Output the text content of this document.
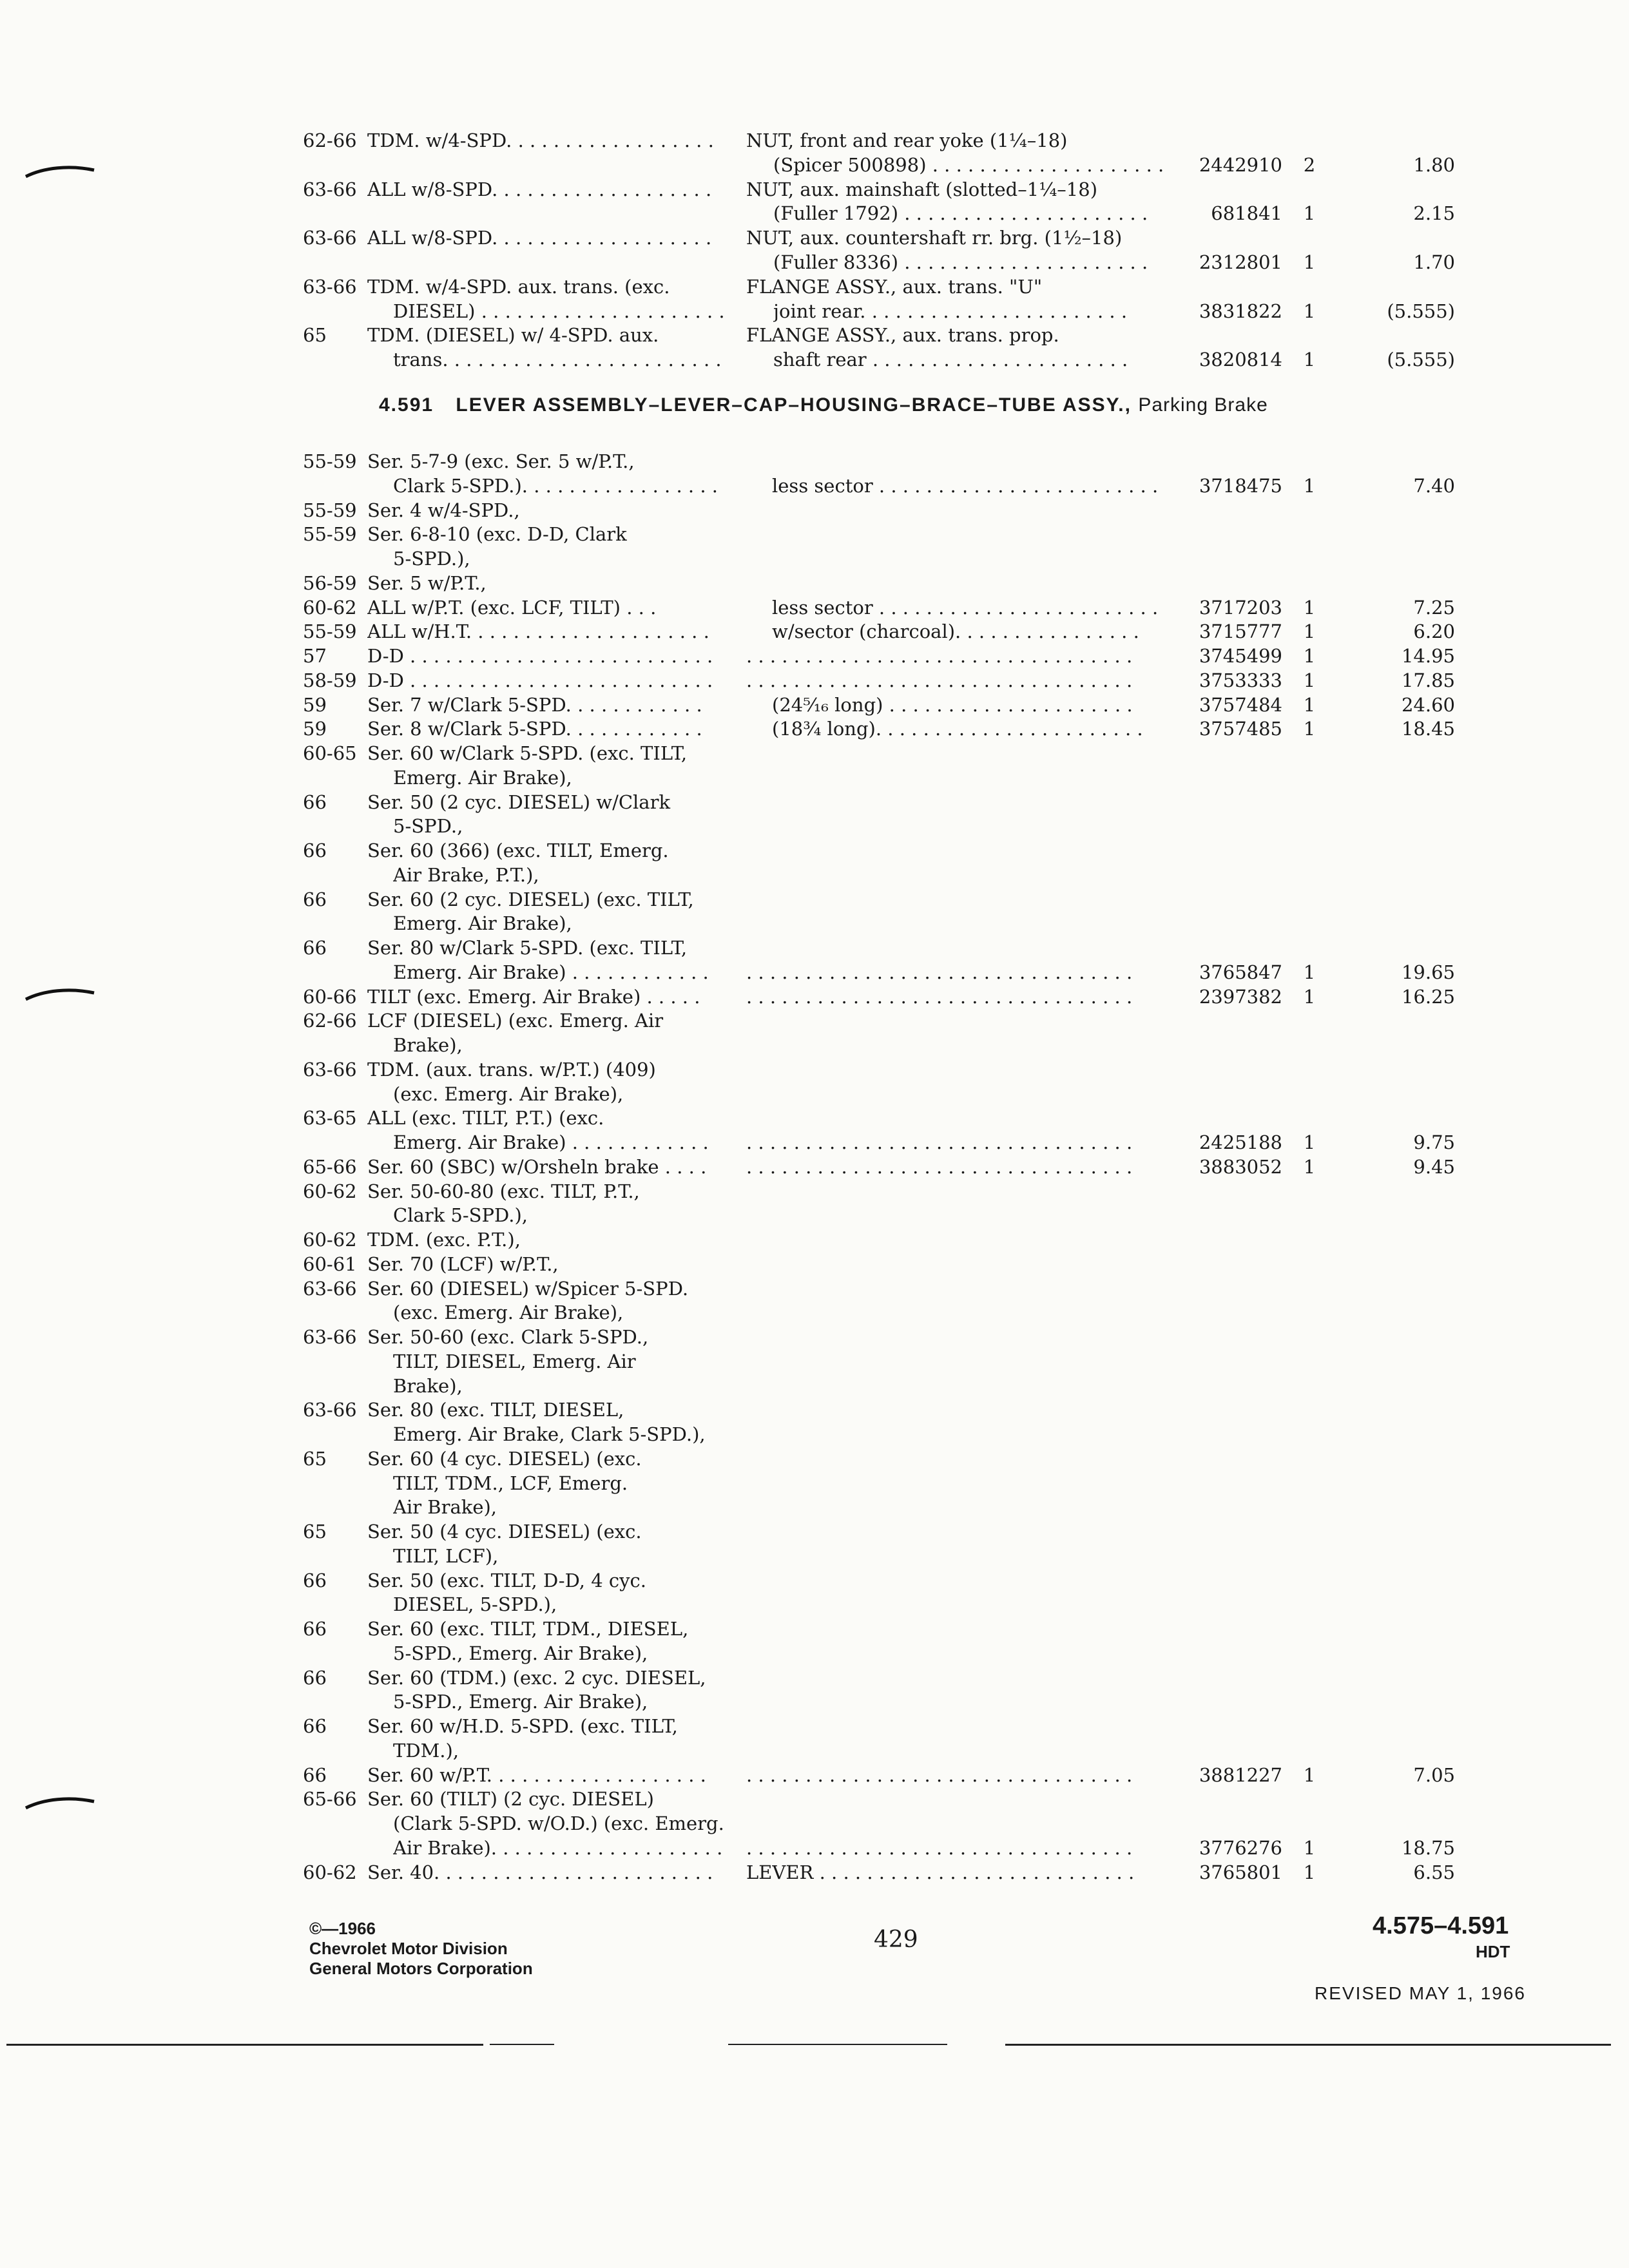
62-66 TDM. w/4-SPD. . . . . . . . . . . . . . . . . .	NUT, front and rear yoke (1¼–18)
(Spicer 500898) . . . . . . . . . . . . . . . . . . . .	2442910	2	1.80
63-66 ALL w/8-SPD. . . . . . . . . . . . . . . . . . .	NUT, aux. mainshaft (slotted–1¼–18)
(Fuller 1792) . . . . . . . . . . . . . . . . . . . . .	681841	1	2.15
63-66 ALL w/8-SPD. . . . . . . . . . . . . . . . . . .	NUT, aux. countershaft rr. brg. (1½–18)
(Fuller 8336) . . . . . . . . . . . . . . . . . . . . .	2312801	1	1.70
63-66 TDM. w/4-SPD. aux. trans. (exc.	FLANGE ASSY., aux. trans. "U"
DIESEL) . . . . . . . . . . . . . . . . . . . . .	joint rear. . . . . . . . . . . . . . . . . . . . . . .	3831822	1	(5.555)
65	TDM. (DIESEL) w/ 4-SPD. aux.	FLANGE ASSY., aux. trans. prop.
trans. . . . . . . . . . . . . . . . . . . . . . . .	shaft rear . . . . . . . . . . . . . . . . . . . . . .	3820814	1	(5.555)
4.591 LEVER ASSEMBLY–LEVER–CAP–HOUSING–BRACE–TUBE ASSY., Parking Brake
55-59 Ser. 5-7-9 (exc. Ser. 5 w/P.T.,
Clark 5-SPD.). . . . . . . . . . . . . . . . .	less sector . . . . . . . . . . . . . . . . . . . . . . . .	3718475	1	7.40
55-59 Ser. 4 w/4-SPD.,
55-59 Ser. 6-8-10 (exc. D-D, Clark
5-SPD.),
56-59 Ser. 5 w/P.T.,
60-62 ALL w/P.T. (exc. LCF, TILT) . . .	less sector . . . . . . . . . . . . . . . . . . . . . . . .	3717203	1	7.25
55-59 ALL w/H.T. . . . . . . . . . . . . . . . . . . . .	w/sector (charcoal). . . . . . . . . . . . . . . .	3715777	1	6.20
57	D-D . . . . . . . . . . . . . . . . . . . . . . . . . .	. . . . . . . . . . . . . . . . . . . . . . . . . . . . . . . . .	3745499	1	14.95
58-59 D-D . . . . . . . . . . . . . . . . . . . . . . . . . .	. . . . . . . . . . . . . . . . . . . . . . . . . . . . . . . . .	3753333	1	17.85
59	Ser. 7 w/Clark 5-SPD. . . . . . . . . . . .	(24⁵⁄₁₆ long) . . . . . . . . . . . . . . . . . . . . .	3757484	1	24.60
59	Ser. 8 w/Clark 5-SPD. . . . . . . . . . . .	(18¾ long). . . . . . . . . . . . . . . . . . . . . . .	3757485	1	18.45
60-65 Ser. 60 w/Clark 5-SPD. (exc. TILT,
Emerg. Air Brake),
66	Ser. 50 (2 cyc. DIESEL) w/Clark
5-SPD.,
66	Ser. 60 (366) (exc. TILT, Emerg.
Air Brake, P.T.),
66	Ser. 60 (2 cyc. DIESEL) (exc. TILT,
Emerg. Air Brake),
66	Ser. 80 w/Clark 5-SPD. (exc. TILT,
Emerg. Air Brake) . . . . . . . . . . . .	. . . . . . . . . . . . . . . . . . . . . . . . . . . . . . . . .	3765847	1	19.65
60-66 TILT (exc. Emerg. Air Brake) . . . . .	. . . . . . . . . . . . . . . . . . . . . . . . . . . . . . . . .	2397382	1	16.25
62-66 LCF (DIESEL) (exc. Emerg. Air
Brake),
63-66 TDM. (aux. trans. w/P.T.) (409)
(exc. Emerg. Air Brake),
63-65 ALL (exc. TILT, P.T.) (exc.
Emerg. Air Brake) . . . . . . . . . . . .	. . . . . . . . . . . . . . . . . . . . . . . . . . . . . . . . .	2425188	1	9.75
65-66 Ser. 60 (SBC) w/Orsheln brake . . . .	. . . . . . . . . . . . . . . . . . . . . . . . . . . . . . . . .	3883052	1	9.45
60-62 Ser. 50-60-80 (exc. TILT, P.T.,
Clark 5-SPD.),
60-62 TDM. (exc. P.T.),
60-61 Ser. 70 (LCF) w/P.T.,
63-66 Ser. 60 (DIESEL) w/Spicer 5-SPD.
(exc. Emerg. Air Brake),
63-66 Ser. 50-60 (exc. Clark 5-SPD.,
TILT, DIESEL, Emerg. Air
Brake),
63-66 Ser. 80 (exc. TILT, DIESEL,
Emerg. Air Brake, Clark 5-SPD.),
65	Ser. 60 (4 cyc. DIESEL) (exc.
TILT, TDM., LCF, Emerg.
Air Brake),
65	Ser. 50 (4 cyc. DIESEL) (exc.
TILT, LCF),
66	Ser. 50 (exc. TILT, D-D, 4 cyc.
DIESEL, 5-SPD.),
66	Ser. 60 (exc. TILT, TDM., DIESEL,
5-SPD., Emerg. Air Brake),
66	Ser. 60 (TDM.) (exc. 2 cyc. DIESEL,
5-SPD., Emerg. Air Brake),
66	Ser. 60 w/H.D. 5-SPD. (exc. TILT,
TDM.),
66	Ser. 60 w/P.T. . . . . . . . . . . . . . . . . . .	. . . . . . . . . . . . . . . . . . . . . . . . . . . . . . . . .	3881227	1	7.05
65-66 Ser. 60 (TILT) (2 cyc. DIESEL)
(Clark 5-SPD. w/O.D.) (exc. Emerg.
Air Brake). . . . . . . . . . . . . . . . . . . . . . . . . . . . . . . . . . . . . . . . . . . . . . . . . . . . .	3776276	1	18.75
60-62 Ser. 40. . . . . . . . . . . . . . . . . . . . . . . .	LEVER . . . . . . . . . . . . . . . . . . . . . . . . . . .	3765801	1	6.55
©—1966
Chevrolet Motor Division
General Motors Corporation
429
4.575–4.591
HDT
REVISED MAY 1, 1966
